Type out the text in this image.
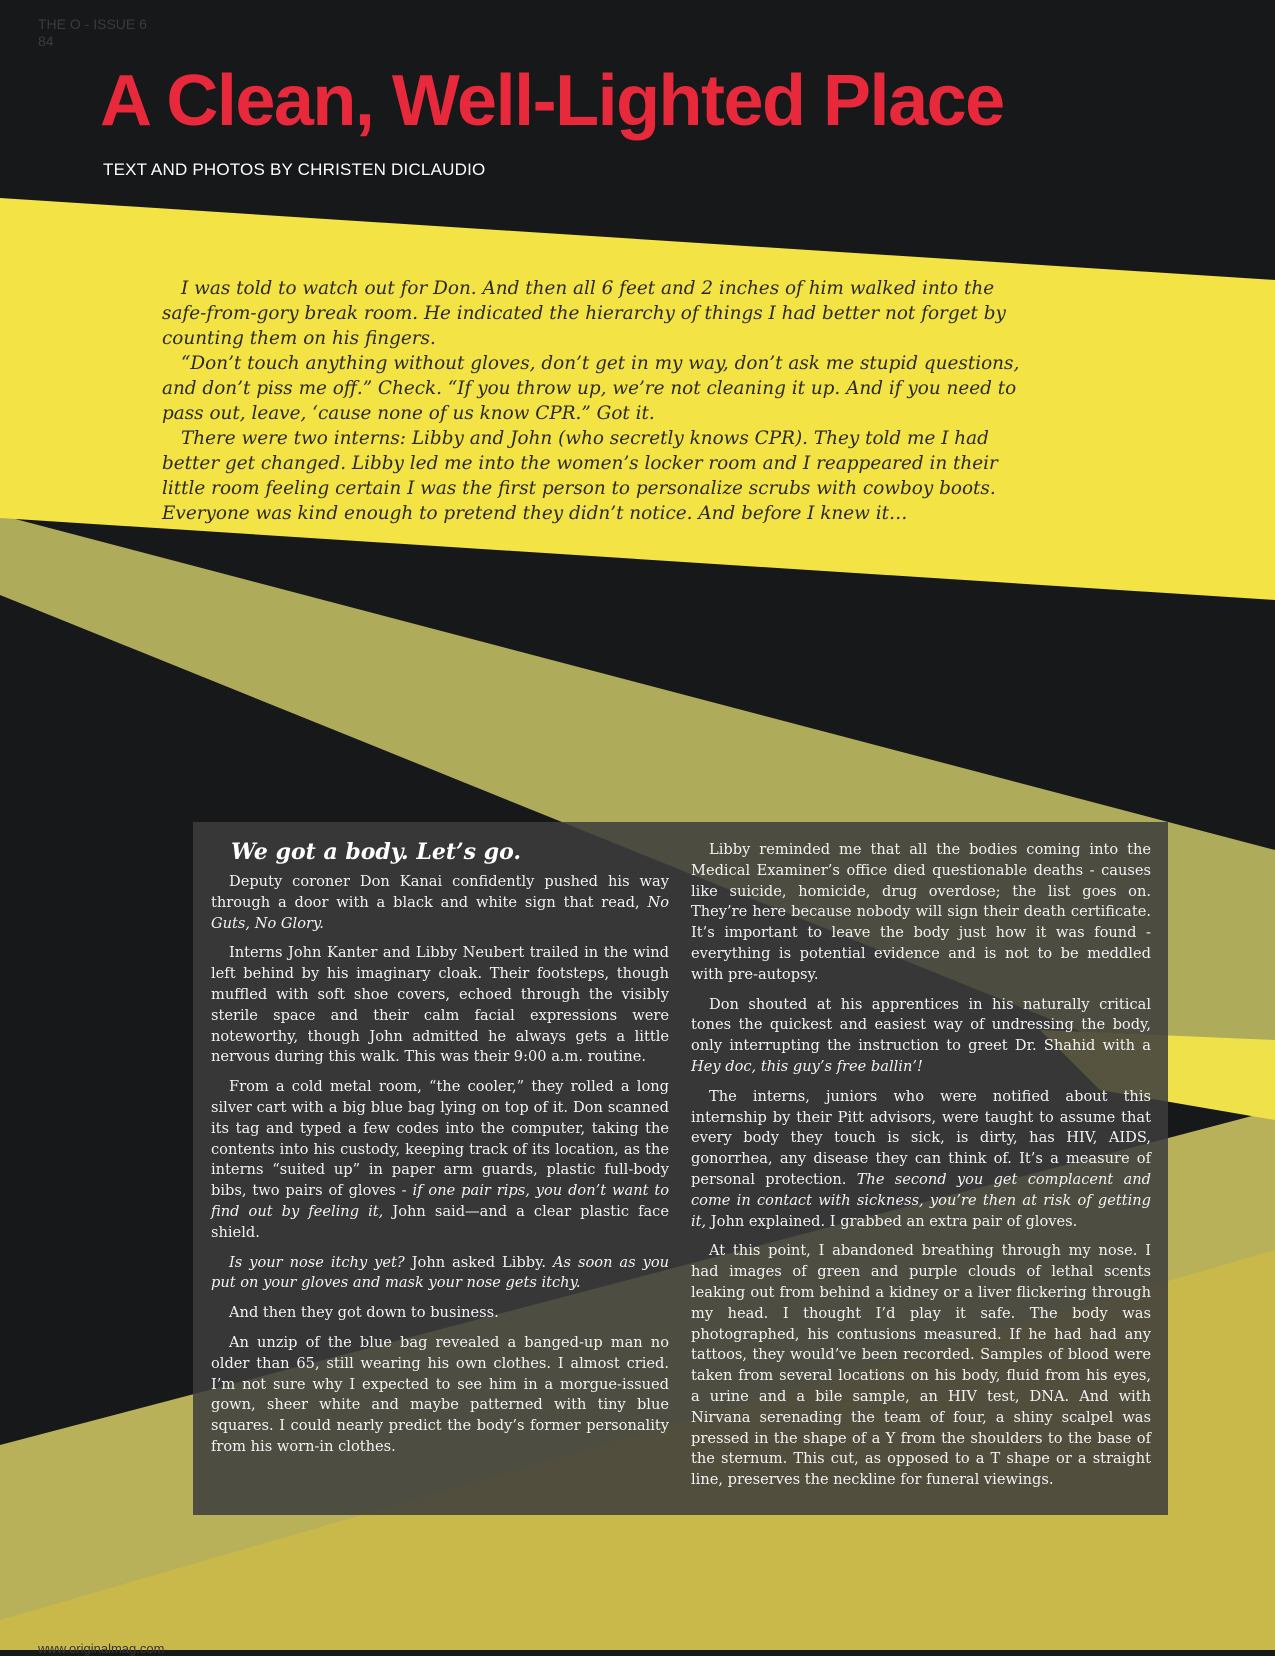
THE O - ISSUE 6
84
A Clean, Well-Lighted Place
TEXT AND PHOTOS BY CHRISTEN DICLAUDIO

I was told to watch out for Don. And then all 6 feet and 2 inches of him walked into the safe-from-gory break room. He indicated the hierarchy of things I had better not forget by counting them on his fingers.

“Don’t touch anything without gloves, don’t get in my way, don’t ask me stupid questions, and don’t piss me off.” Check. “If you throw up, we’re not cleaning it up. And if you need to pass out, leave, ‘cause none of us know CPR.” Got it.

There were two interns: Libby and John (who secretly knows CPR). They told me I had better get changed. Libby led me into the women’s locker room and I reappeared in their little room feeling certain I was the first person to personalize scrubs with cowboy boots. Everyone was kind enough to pretend they didn’t notice. And before I knew it…

We got a body. Let’s go.

Deputy coroner Don Kanai confidently pushed his way through a door with a black and white sign that read, No Guts, No Glory.

Interns John Kanter and Libby Neubert trailed in the wind left behind by his imaginary cloak. Their footsteps, though muffled with soft shoe covers, echoed through the visibly sterile space and their calm facial expressions were noteworthy, though John admitted he always gets a little nervous during this walk. This was their 9:00 a.m. routine.

From a cold metal room, “the cooler,” they rolled a long silver cart with a big blue bag lying on top of it. Don scanned its tag and typed a few codes into the computer, taking the contents into his custody, keeping track of its location, as the interns “suited up” in paper arm guards, plastic full-body bibs, two pairs of gloves - if one pair rips, you don’t want to find out by feeling it, John said—and a clear plastic face shield.

Is your nose itchy yet? John asked Libby. As soon as you put on your gloves and mask your nose gets itchy.

And then they got down to business.

An unzip of the blue bag revealed a banged-up man no older than 65, still wearing his own clothes. I almost cried. I’m not sure why I expected to see him in a morgue-issued gown, sheer white and maybe patterned with tiny blue squares. I could nearly predict the body’s former personality from his worn-in clothes.

Libby reminded me that all the bodies coming into the Medical Examiner’s office died questionable deaths - causes like suicide, homicide, drug overdose; the list goes on. They’re here because nobody will sign their death certificate. It’s important to leave the body just how it was found - everything is potential evidence and is not to be meddled with pre-autopsy.

Don shouted at his apprentices in his naturally critical tones the quickest and easiest way of undressing the body, only interrupting the instruction to greet Dr. Shahid with a Hey doc, this guy’s free ballin’!

The interns, juniors who were notified about this internship by their Pitt advisors, were taught to assume that every body they touch is sick, is dirty, has HIV, AIDS, gonorrhea, any disease they can think of. It’s a measure of personal protection. The second you get complacent and come in contact with sickness, you’re then at risk of getting it, John explained. I grabbed an extra pair of gloves.

At this point, I abandoned breathing through my nose. I had images of green and purple clouds of lethal scents leaking out from behind a kidney or a liver flickering through my head. I thought I’d play it safe. The body was photographed, his contusions measured. If he had had any tattoos, they would’ve been recorded. Samples of blood were taken from several locations on his body, fluid from his eyes, a urine and a bile sample, an HIV test, DNA. And with Nirvana serenading the team of four, a shiny scalpel was pressed in the shape of a Y from the shoulders to the base of the sternum. This cut, as opposed to a T shape or a straight line, preserves the neckline for funeral viewings.

www.originalmag.com
